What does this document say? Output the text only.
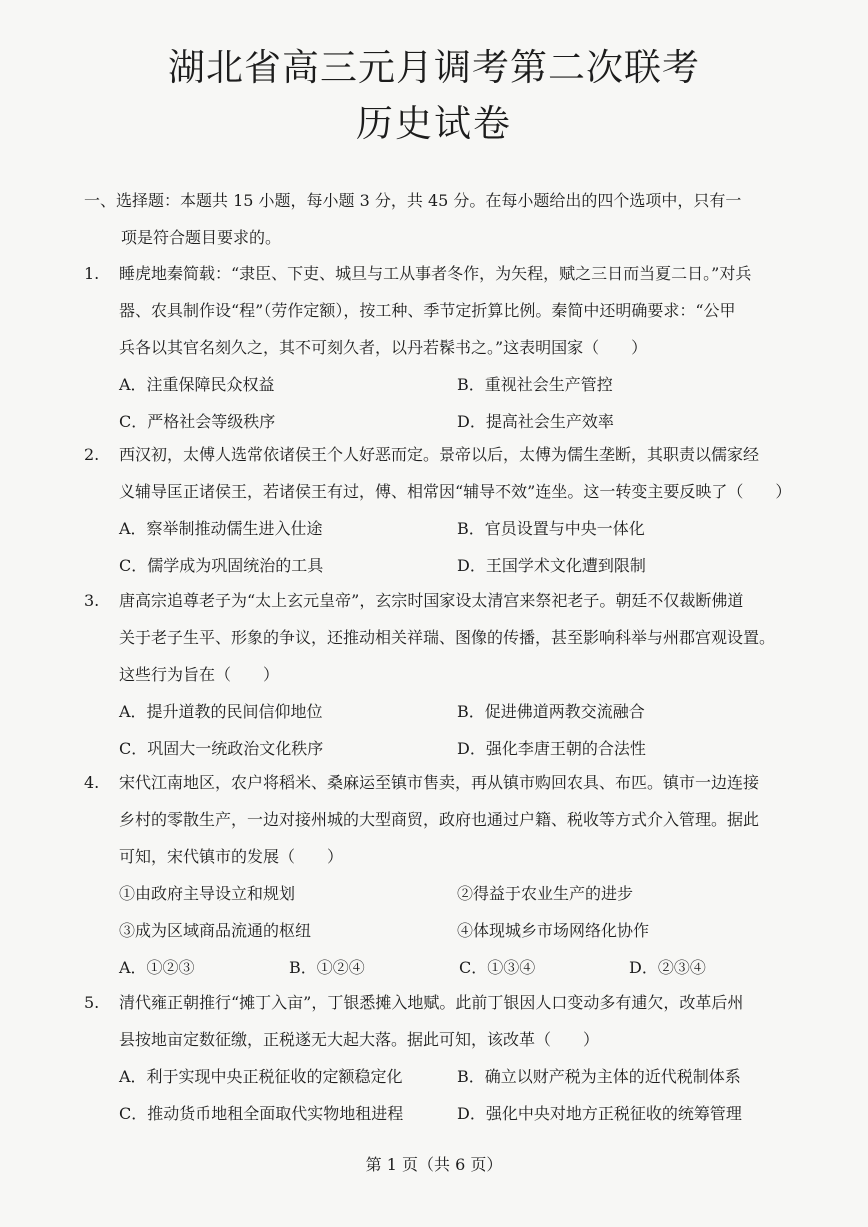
湖北省高三元月调考第二次联考
历史试卷
一、选择题：本题共 15 小题，每小题 3 分，共 45 分。在每小题给出的四个选项中，只有一
项是符合题目要求的。
1. 睡虎地秦简载：“隶臣、下吏、城旦与工从事者冬作，为矢程，赋之三日而当夏二日。”对兵
器、农具制作设“程”（劳作定额），按工种、季节定折算比例。秦简中还明确要求：“公甲
兵各以其官名刻久之，其不可刻久者，以丹若髹书之。”这表明国家（　　）
A．注重保障民众权益	B．重视社会生产管控
C．严格社会等级秩序	D．提高社会生产效率
2. 西汉初，太傅人选常依诸侯王个人好恶而定。景帝以后，太傅为儒生垄断，其职责以儒家经
义辅导匡正诸侯王，若诸侯王有过，傅、相常因“辅导不效”连坐。这一转变主要反映了（　　）
A．察举制推动儒生进入仕途	B．官员设置与中央一体化
C．儒学成为巩固统治的工具	D．王国学术文化遭到限制
3. 唐高宗追尊老子为“太上玄元皇帝”，玄宗时国家设太清宫来祭祀老子。朝廷不仅裁断佛道
关于老子生平、形象的争议，还推动相关祥瑞、图像的传播，甚至影响科举与州郡宫观设置。
这些行为旨在（　　）
A．提升道教的民间信仰地位	B．促进佛道两教交流融合
C．巩固大一统政治文化秩序	D．强化李唐王朝的合法性
4. 宋代江南地区，农户将稻米、桑麻运至镇市售卖，再从镇市购回农具、布匹。镇市一边连接
乡村的零散生产，一边对接州城的大型商贸，政府也通过户籍、税收等方式介入管理。据此
可知，宋代镇市的发展（　　）
①由政府主导设立和规划	②得益于农业生产的进步
③成为区域商品流通的枢纽	④体现城乡市场网络化协作
A．①②③	B．①②④	C．①③④	D．②③④
5. 清代雍正朝推行“摊丁入亩”，丁银悉摊入地赋。此前丁银因人口变动多有逋欠，改革后州
县按地亩定数征缴，正税遂无大起大落。据此可知，该改革（　　）
A．利于实现中央正税征收的定额稳定化	B．确立以财产税为主体的近代税制体系
C．推动货币地租全面取代实物地租进程	D．强化中央对地方正税征收的统筹管理
第 1 页（共 6 页）
